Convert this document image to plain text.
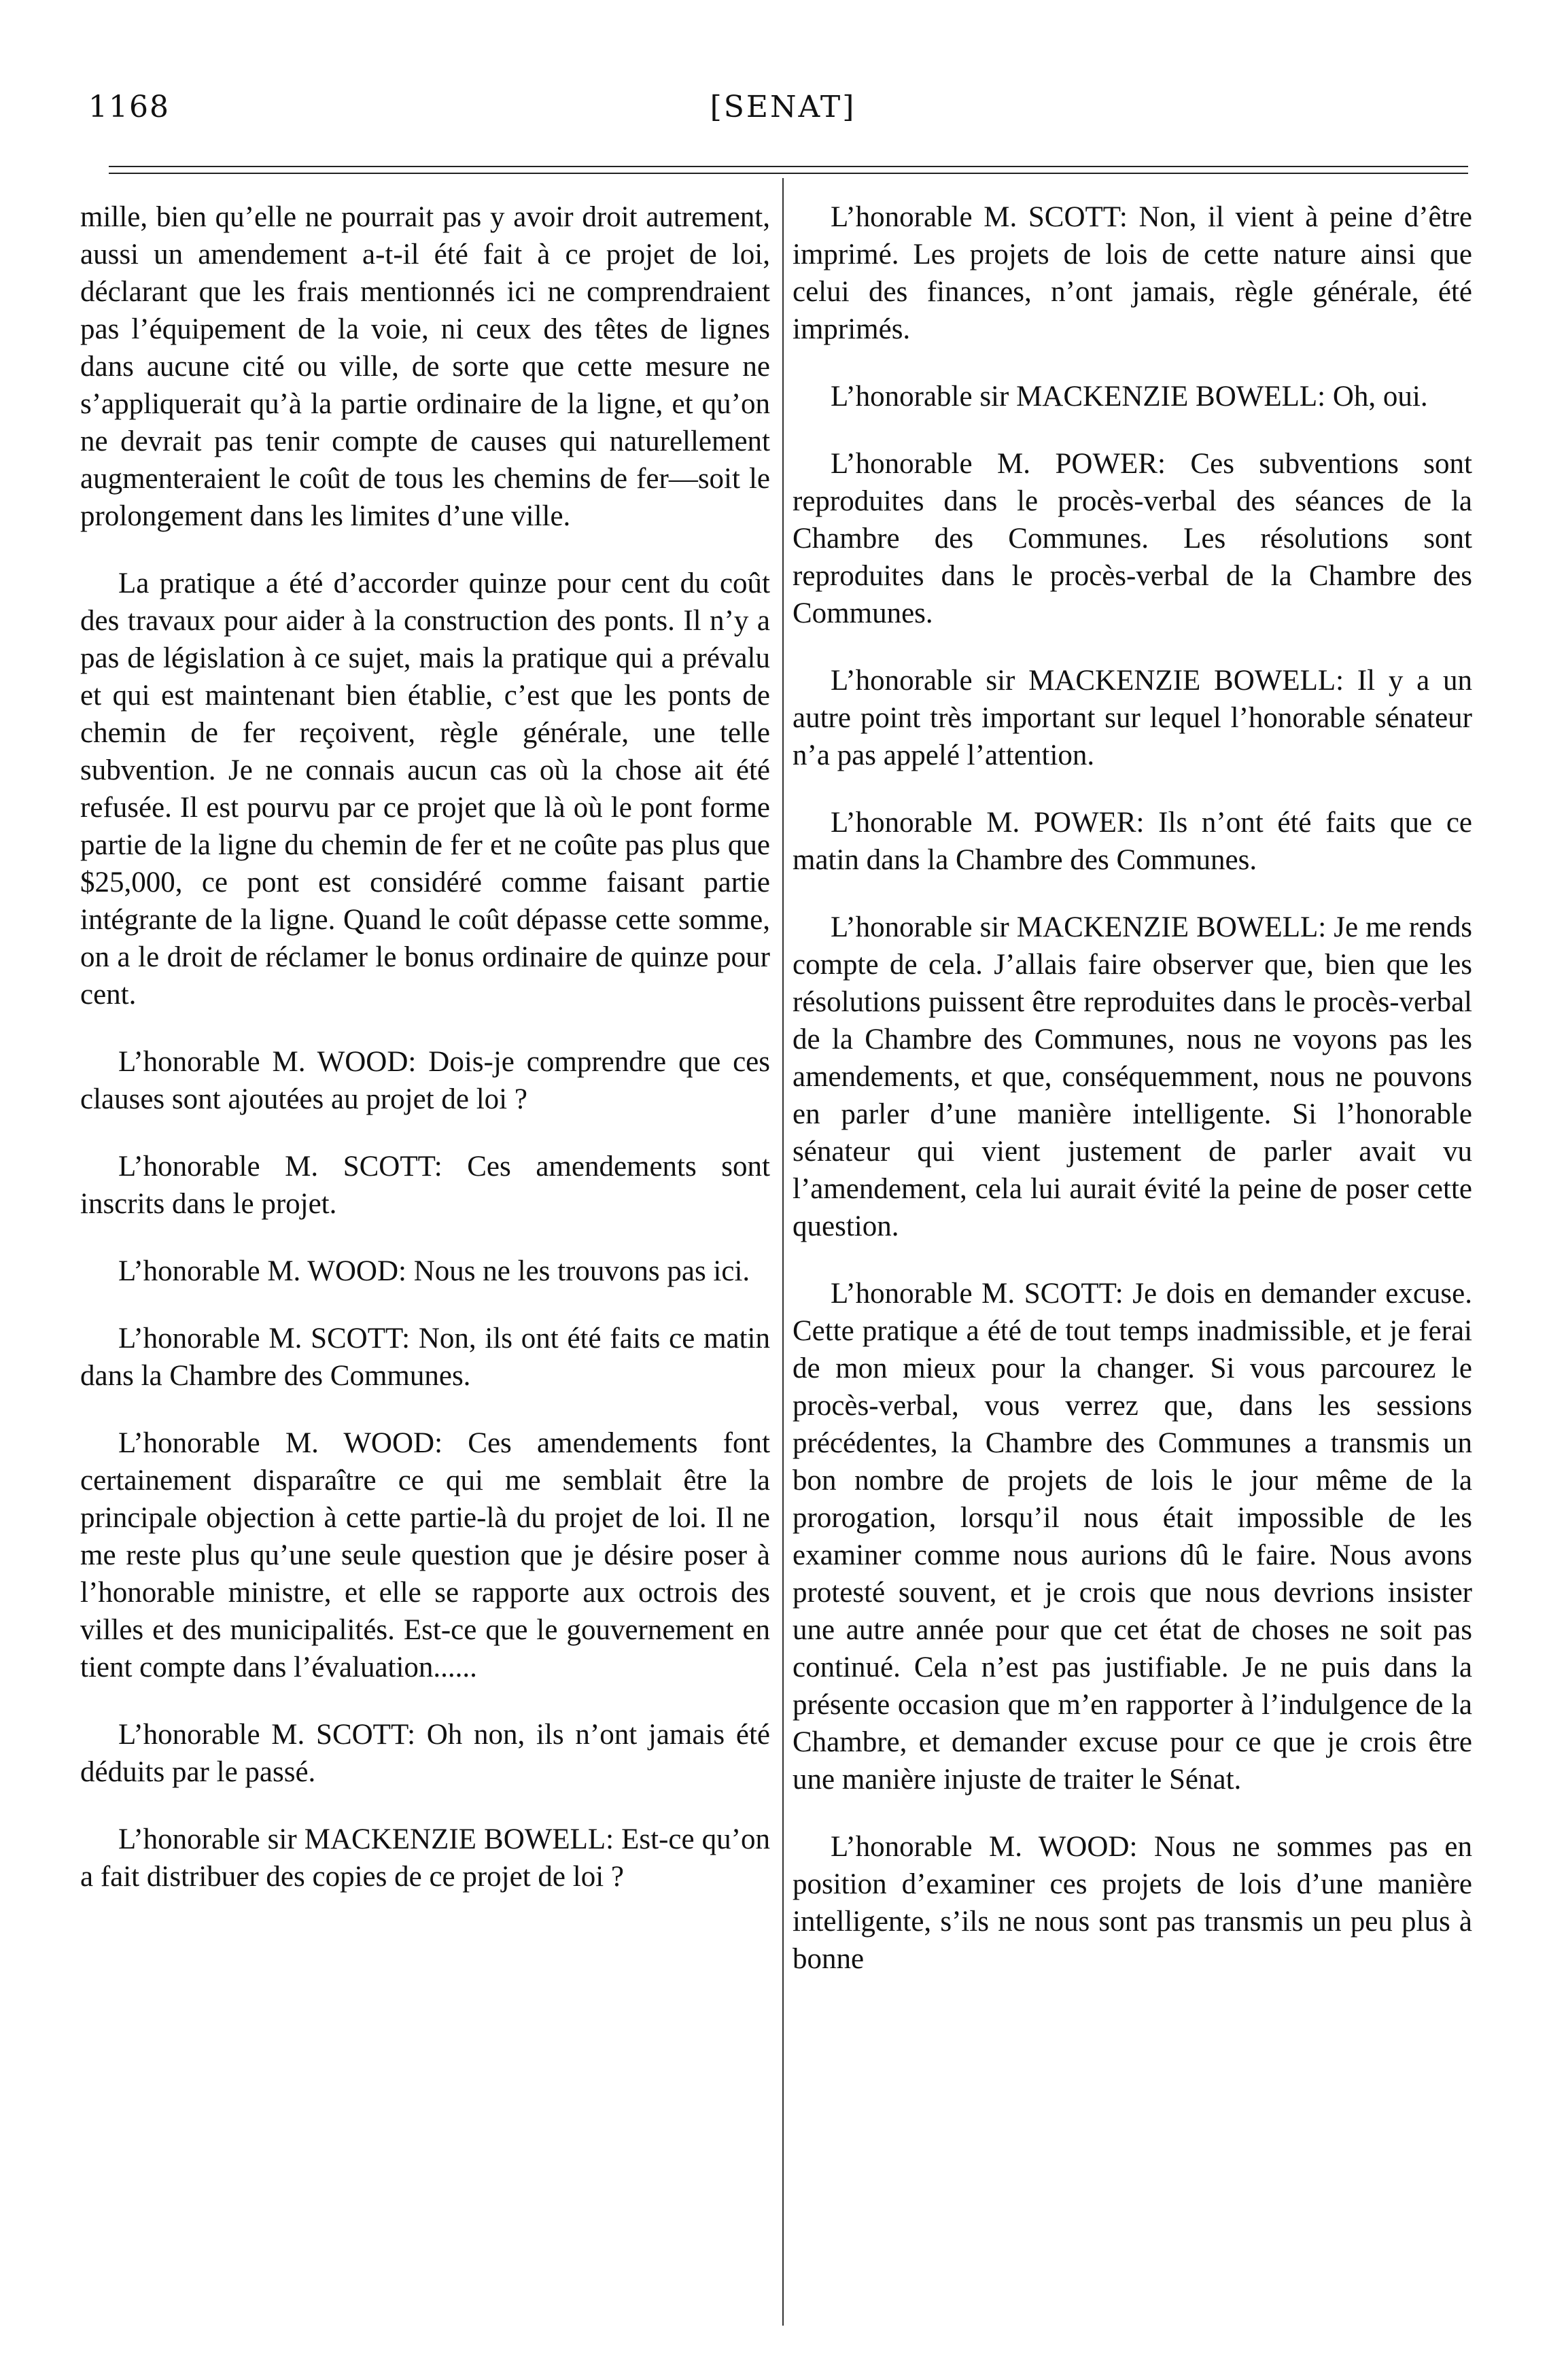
1168	[SENAT]

mille, bien qu’elle ne pourrait pas y avoir droit autrement, aussi un amendement a-t-il été fait à ce projet de loi, déclarant que les frais mentionnés ici ne comprendraient pas l’équipement de la voie, ni ceux des têtes de lignes dans aucune cité ou ville, de sorte que cette mesure ne s’appliquerait qu’à la partie ordinaire de la ligne, et qu’on ne devrait pas tenir compte de causes qui naturellement augmenteraient le coût de tous les chemins de fer—soit le prolongement dans les limites d’une ville.

La pratique a été d’accorder quinze pour cent du coût des travaux pour aider à la construction des ponts. Il n’y a pas de législation à ce sujet, mais la pratique qui a prévalu et qui est maintenant bien établie, c’est que les ponts de chemin de fer reçoivent, règle générale, une telle subvention. Je ne connais aucun cas où la chose ait été refusée. Il est pourvu par ce projet que là où le pont forme partie de la ligne du chemin de fer et ne coûte pas plus que $25,000, ce pont est considéré comme faisant partie intégrante de la ligne. Quand le coût dépasse cette somme, on a le droit de réclamer le bonus ordinaire de quinze pour cent.

L’honorable M. WOOD: Dois-je comprendre que ces clauses sont ajoutées au projet de loi ?

L’honorable M. SCOTT: Ces amendements sont inscrits dans le projet.

L’honorable M. WOOD: Nous ne les trouvons pas ici.

L’honorable M. SCOTT: Non, ils ont été faits ce matin dans la Chambre des Communes.

L’honorable M. WOOD: Ces amendements font certainement disparaître ce qui me semblait être la principale objection à cette partie-là du projet de loi. Il ne me reste plus qu’une seule question que je désire poser à l’honorable ministre, et elle se rapporte aux octrois des villes et des municipalités. Est-ce que le gouvernement en tient compte dans l’évaluation......

L’honorable M. SCOTT: Oh non, ils n’ont jamais été déduits par le passé.

L’honorable sir MACKENZIE BOWELL: Est-ce qu’on a fait distribuer des copies de ce projet de loi ?

L’honorable M. SCOTT: Non, il vient à peine d’être imprimé. Les projets de lois de cette nature ainsi que celui des finances, n’ont jamais, règle générale, été imprimés.

L’honorable sir MACKENZIE BOWELL: Oh, oui.

L’honorable M. POWER: Ces subventions sont reproduites dans le procès-verbal des séances de la Chambre des Communes. Les résolutions sont reproduites dans le procès-verbal de la Chambre des Communes.

L’honorable sir MACKENZIE BOWELL: Il y a un autre point très important sur lequel l’honorable sénateur n’a pas appelé l’attention.

L’honorable M. POWER: Ils n’ont été faits que ce matin dans la Chambre des Communes.

L’honorable sir MACKENZIE BOWELL: Je me rends compte de cela. J’allais faire observer que, bien que les résolutions puissent être reproduites dans le procès-verbal de la Chambre des Communes, nous ne voyons pas les amendements, et que, conséquemment, nous ne pouvons en parler d’une manière intelligente. Si l’honorable sénateur qui vient justement de parler avait vu l’amendement, cela lui aurait évité la peine de poser cette question.

L’honorable M. SCOTT: Je dois en demander excuse. Cette pratique a été de tout temps inadmissible, et je ferai de mon mieux pour la changer. Si vous parcourez le procès-verbal, vous verrez que, dans les sessions précédentes, la Chambre des Communes a transmis un bon nombre de projets de lois le jour même de la prorogation, lorsqu’il nous était impossible de les examiner comme nous aurions dû le faire. Nous avons protesté souvent, et je crois que nous devrions insister une autre année pour que cet état de choses ne soit pas continué. Cela n’est pas justifiable. Je ne puis dans la présente occasion que m’en rapporter à l’indulgence de la Chambre, et demander excuse pour ce que je crois être une manière injuste de traiter le Sénat.

L’honorable M. WOOD: Nous ne sommes pas en position d’examiner ces projets de lois d’une manière intelligente, s’ils ne nous sont pas transmis un peu plus à bonne
